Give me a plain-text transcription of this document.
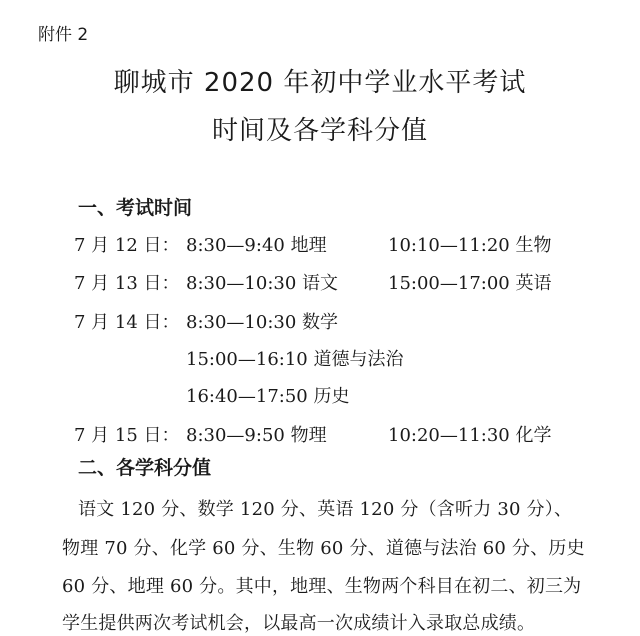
附件 2
聊城市 2020 年初中学业水平考试
时间及各学科分值
一、考试时间
7 月 12 日： 8:30—9:40 地理	10:10—11:20 生物
7 月 13 日： 8:30—10:30 语文	15:00—17:00 英语
7 月 14 日： 8:30—10:30 数学
15:00—16:10 道德与法治
16:40—17:50 历史
7 月 15 日： 8:30—9:50 物理	10:20—11:30 化学
二、各学科分值
语文 120 分、数学 120 分、英语 120 分（含听力 30 分）、
物理 70 分、化学 60 分、生物 60 分、道德与法治 60 分、历史
60 分、地理 60 分。其中，地理、生物两个科目在初二、初三为
学生提供两次考试机会，以最高一次成绩计入录取总成绩。
